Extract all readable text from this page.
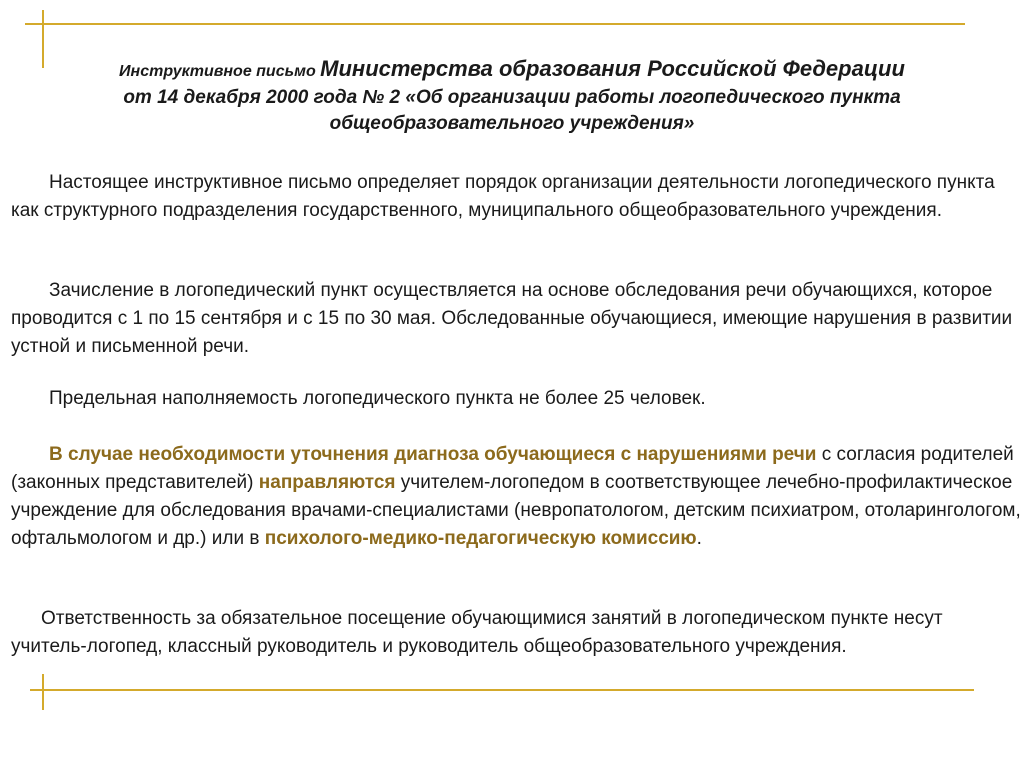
Инструктивное письмо Министерства образования Российской Федерации
от 14 декабря 2000 года № 2 «Об организации работы логопедического пункта
общеобразовательного учреждения»

Настоящее инструктивное письмо определяет порядок организации деятельности логопедического пункта как структурного подразделения государственного, муниципального общеобразовательного учреждения.

Зачисление в логопедический пункт осуществляется на основе обследования речи обучающихся, которое проводится с 1 по 15 сентября и с 15 по 30 мая. Обследованные обучающиеся, имеющие нарушения в развитии устной и письменной речи.

Предельная наполняемость логопедического пункта не более 25 человек.

В случае необходимости уточнения диагноза обучающиеся с нарушениями речи с согласия родителей (законных представителей) направляются учителем-логопедом в соответствующее лечебно-профилактическое учреждение для обследования врачами-специалистами (невропатологом, детским психиатром, отоларингологом, офтальмологом и др.) или в психолого-медико-педагогическую комиссию.

Ответственность за обязательное посещение обучающимися занятий в логопедическом пункте несут учитель-логопед, классный руководитель и руководитель общеобразовательного учреждения.
